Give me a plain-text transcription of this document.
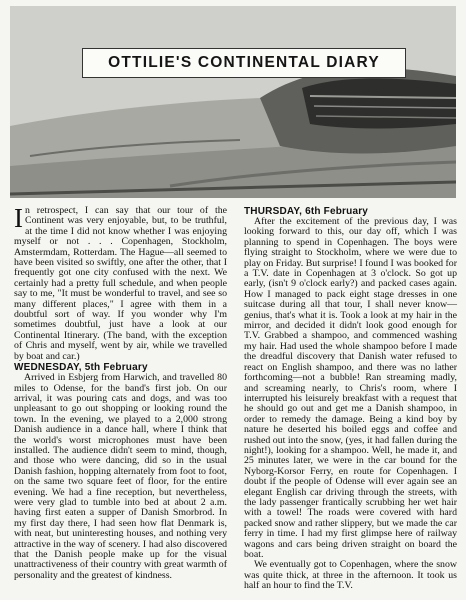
OTTILIE'S CONTINENTAL DIARY

In retrospect, I can say that our tour of the Continent was very enjoyable, but, to be truthful, at the time I did not know whether I was enjoying myself or not . . . Copenhagen, Stockholm, Amstermdam, Rotterdam. The Hague—all seemed to have been visited so swiftly, one after the other, that I frequently got one city confused with the next. We certainly had a pretty full schedule, and when people say to me, "It must be wonderful to travel, and see so many different places," I agree with them in a doubtful sort of way. If you wonder why I'm sometimes doubtful, just have a look at our Continental Itinerary. (The band, with the exception of Chris and myself, went by air, while we travelled by boat and car.)

WEDNESDAY, 5th February

Arrived in Esbjerg from Harwich, and travelled 80 miles to Odense, for the band's first job. On our arrival, it was pouring cats and dogs, and was too unpleasant to go out shopping or looking round the town. In the evening, we played to a 2,000 strong Danish audience in a dance hall, where I think that the world's worst microphones must have been installed. The audience didn't seem to mind, though, and those who were dancing, did so in the usual Danish fashion, hopping alternately from foot to foot, on the same two square feet of floor, for the entire evening. We had a fine reception, but nevertheless, were very glad to tumble into bed at about 2 a.m. having first eaten a supper of Danish Smorbrod. In my first day there, I had seen how flat Denmark is, with neat, but uninteresting houses, and nothing very attractive in the way of scenery. I had also discovered that the Danish people make up for the visual unattractiveness of their country with great warmth of personality and the greatest of kindness.

THURSDAY, 6th February

After the excitement of the previous day, I was looking forward to this, our day off, which I was planning to spend in Copenhagen. The boys were flying straight to Stockholm, where we were due to play on Friday. But surprise! I found I was booked for a T.V. date in Copenhagen at 3 o'clock. So got up early, (isn't 9 o'clock early?) and packed cases again. How I managed to pack eight stage dresses in one suitcase during all that tour, I shall never know—genius, that's what it is. Took a look at my hair in the mirror, and decided it didn't look good enough for T.V. Grabbed a shampoo, and commenced washing my hair. Had used the whole shampoo before I made the dreadful discovery that Danish water refused to react on English shampoo, and there was no lather forthcoming—not a bubble! Ran streaming madly, and screaming nearly, to Chris's room, where I interrupted his leisurely breakfast with a request that he should go out and get me a Danish shampoo, in order to remedy the damage. Being a kind boy by nature he deserted his boiled eggs and coffee and rushed out into the snow, (yes, it had fallen during the night!), looking for a shampoo. Well, he made it, and 25 minutes later, we were in the car bound for the Nyborg-Korsor Ferry, en route for Copenhagen. I doubt if the people of Odense will ever again see an elegant English car driving through the streets, with the lady passenger frantically scrubbing her wet hair with a towel! The roads were covered with hard packed snow and rather slippery, but we made the car ferry in time. I had my first glimpse here of railway wagons and cars being driven straight on board the boat.

We eventually got to Copenhagen, where the snow was quite thick, at three in the afternoon. It took us half an hour to find the T.V.
